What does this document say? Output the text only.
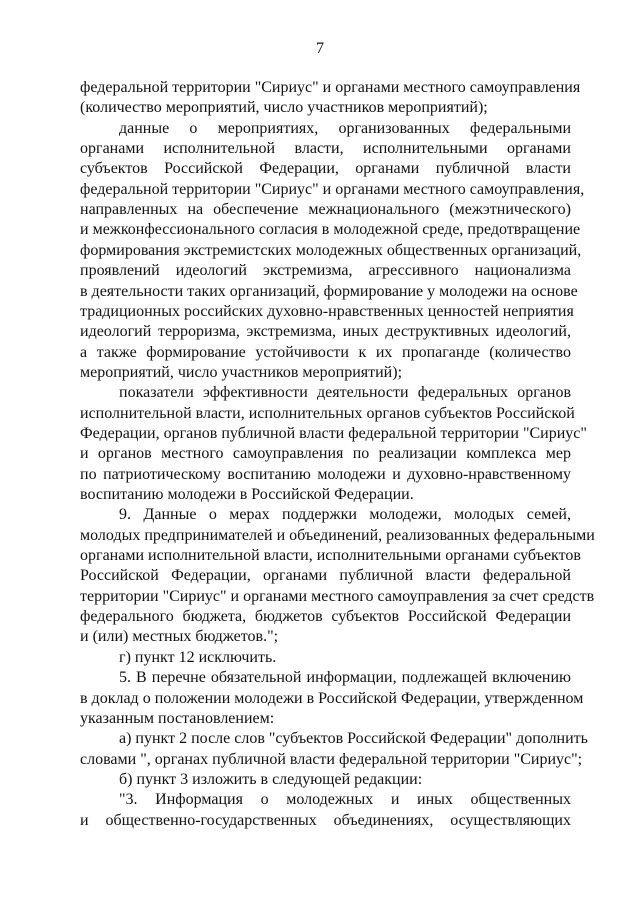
7
федеральной территории "Сириус" и органами местного самоуправления
(количество мероприятий, число участников мероприятий);
данные о мероприятиях, организованных федеральными
органами исполнительной власти, исполнительными органами
субъектов Российской Федерации, органами публичной власти
федеральной территории "Сириус" и органами местного самоуправления,
направленных на обеспечение межнационального (межэтнического)
и межконфессионального согласия в молодежной среде, предотвращение
формирования экстремистских молодежных общественных организаций,
проявлений идеологий экстремизма, агрессивного национализма
в деятельности таких организаций, формирование у молодежи на основе
традиционных российских духовно-нравственных ценностей неприятия
идеологий терроризма, экстремизма, иных деструктивных идеологий,
а также формирование устойчивости к их пропаганде (количество
мероприятий, число участников мероприятий);
показатели эффективности деятельности федеральных органов
исполнительной власти, исполнительных органов субъектов Российской
Федерации, органов публичной власти федеральной территории "Сириус"
и органов местного самоуправления по реализации комплекса мер
по патриотическому воспитанию молодежи и духовно-нравственному
воспитанию молодежи в Российской Федерации.
9. Данные о мерах поддержки молодежи, молодых семей,
молодых предпринимателей и объединений, реализованных федеральными
органами исполнительной власти, исполнительными органами субъектов
Российской Федерации, органами публичной власти федеральной
территории "Сириус" и органами местного самоуправления за счет средств
федерального бюджета, бюджетов субъектов Российской Федерации
и (или) местных бюджетов.";
г) пункт 12 исключить.
5. В перечне обязательной информации, подлежащей включению
в доклад о положении молодежи в Российской Федерации, утвержденном
указанным постановлением:
а) пункт 2 после слов "субъектов Российской Федерации" дополнить
словами ", органах публичной власти федеральной территории "Сириус";
б) пункт 3 изложить в следующей редакции:
"3. Информация о молодежных и иных общественных
и общественно-государственных объединениях, осуществляющих
